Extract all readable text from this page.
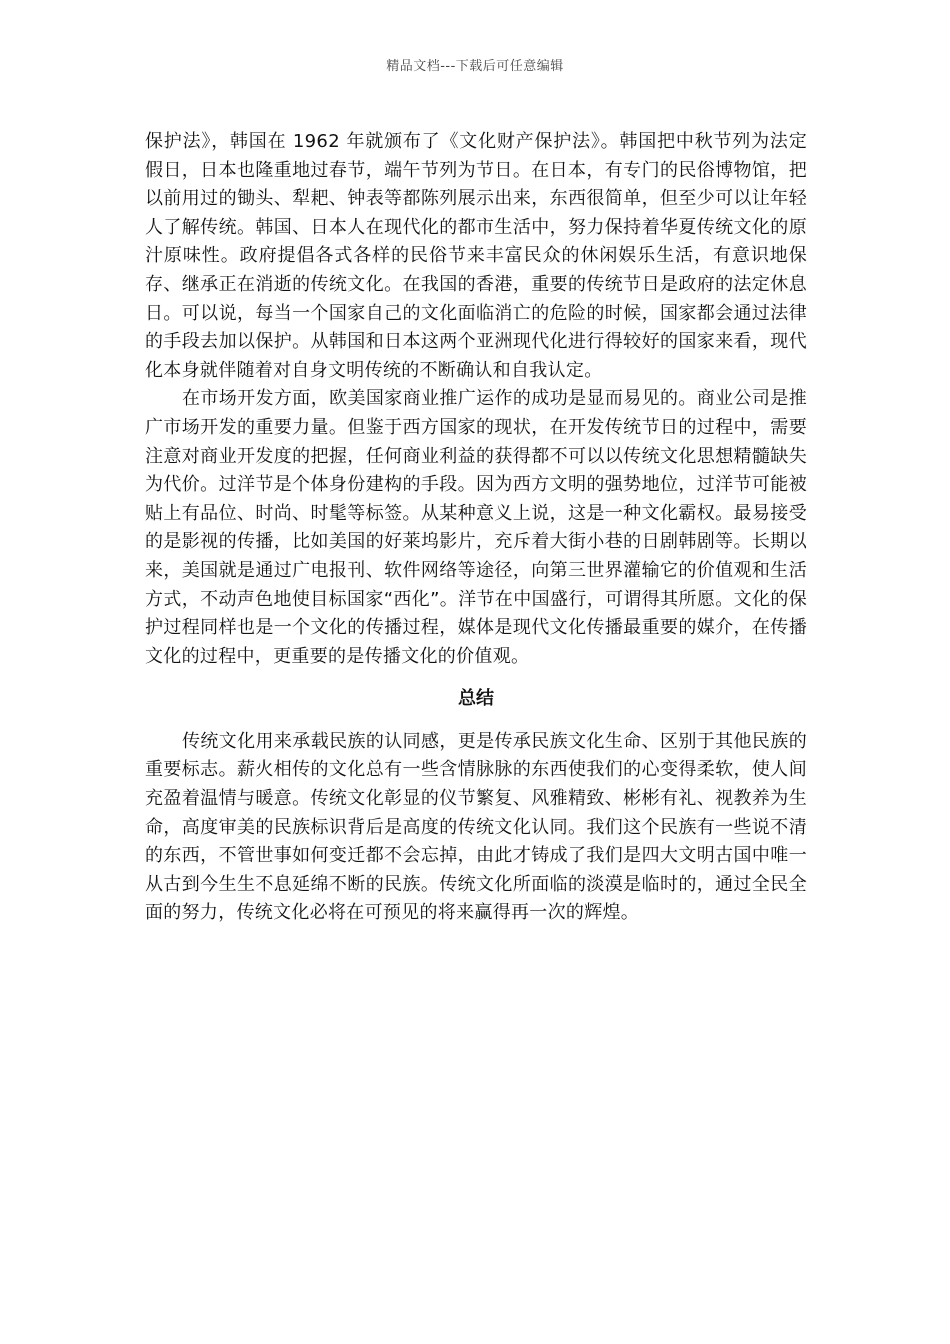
精品文档---下载后可任意编辑

保护法》，韩国在 1962 年就颁布了《文化财产保护法》。韩国把中秋节列为法定假日，日本也隆重地过春节，端午节列为节日。在日本，有专门的民俗博物馆，把以前用过的锄头、犁耙、钟表等都陈列展示出来，东西很简单，但至少可以让年轻人了解传统。韩国、日本人在现代化的都市生活中，努力保持着华夏传统文化的原汁原味性。政府提倡各式各样的民俗节来丰富民众的休闲娱乐生活，有意识地保存、继承正在消逝的传统文化。在我国的香港，重要的传统节日是政府的法定休息日。可以说，每当一个国家自己的文化面临消亡的危险的时候，国家都会通过法律的手段去加以保护。从韩国和日本这两个亚洲现代化进行得较好的国家来看，现代化本身就伴随着对自身文明传统的不断确认和自我认定。

在市场开发方面，欧美国家商业推广运作的成功是显而易见的。商业公司是推广市场开发的重要力量。但鉴于西方国家的现状，在开发传统节日的过程中，需要注意对商业开发度的把握，任何商业利益的获得都不可以以传统文化思想精髓缺失为代价。过洋节是个体身份建构的手段。因为西方文明的强势地位，过洋节可能被贴上有品位、时尚、时髦等标签。从某种意义上说，这是一种文化霸权。最易接受的是影视的传播，比如美国的好莱坞影片，充斥着大街小巷的日剧韩剧等。长期以来，美国就是通过广电报刊、软件网络等途径，向第三世界灌输它的价值观和生活方式，不动声色地使目标国家“西化”。洋节在中国盛行，可谓得其所愿。文化的保护过程同样也是一个文化的传播过程，媒体是现代文化传播最重要的媒介，在传播文化的过程中，更重要的是传播文化的价值观。

总结

传统文化用来承载民族的认同感，更是传承民族文化生命、区别于其他民族的重要标志。薪火相传的文化总有一些含情脉脉的东西使我们的心变得柔软，使人间充盈着温情与暖意。传统文化彰显的仪节繁复、风雅精致、彬彬有礼、视教养为生命，高度审美的民族标识背后是高度的传统文化认同。我们这个民族有一些说不清的东西，不管世事如何变迁都不会忘掉，由此才铸成了我们是四大文明古国中唯一从古到今生生不息延绵不断的民族。传统文化所面临的淡漠是临时的，通过全民全面的努力，传统文化必将在可预见的将来赢得再一次的辉煌。
